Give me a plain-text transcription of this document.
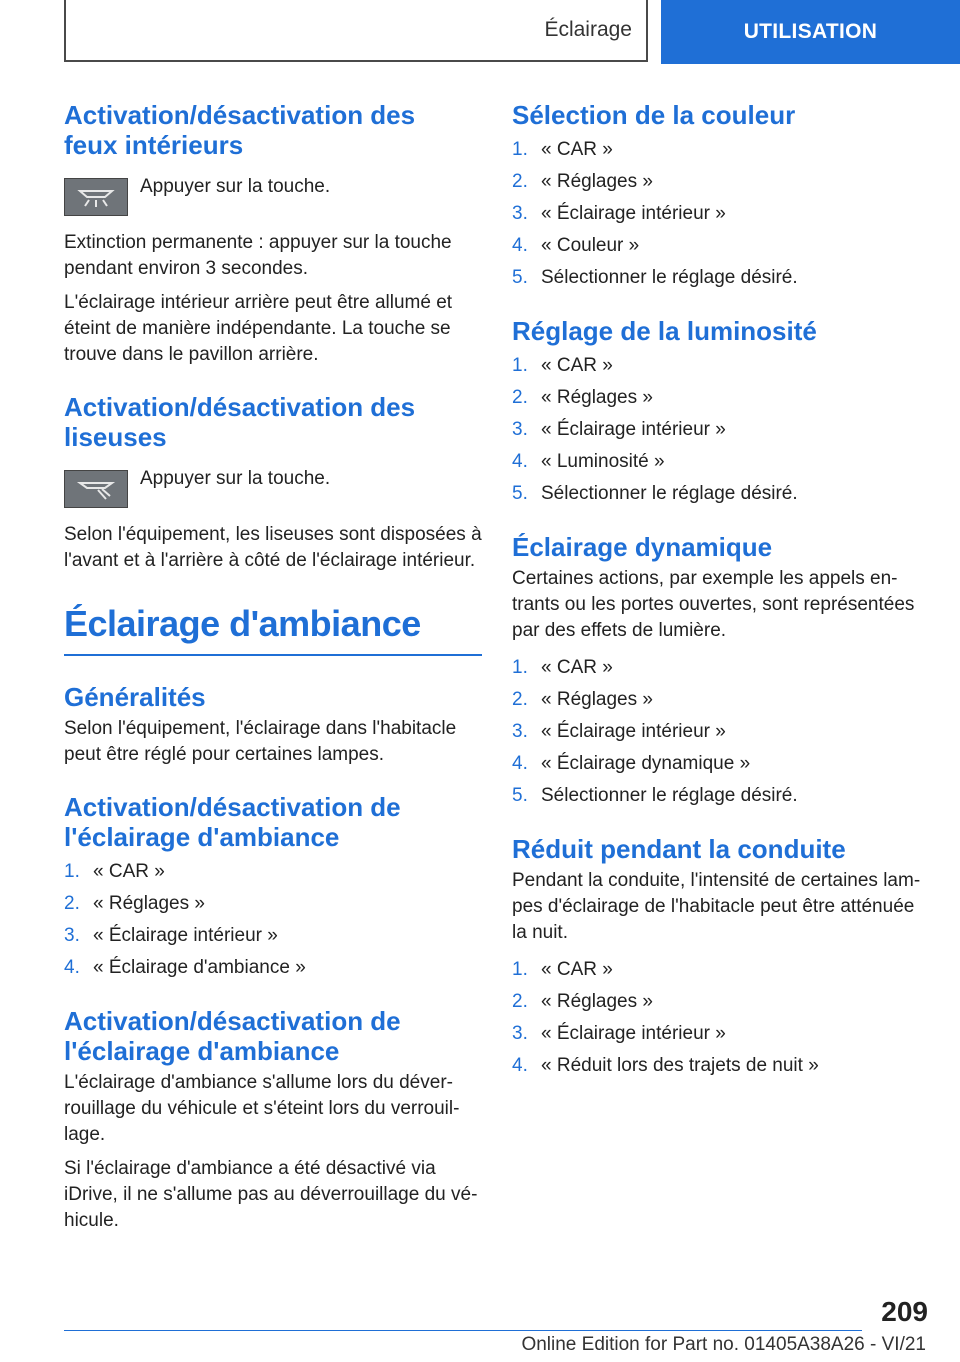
Éclairage	UTILISATION
Activation/désactivation des
feux intérieurs

Appuyer sur la touche.

Extinction permanente : appuyer sur la touche pendant environ 3 secondes.

L'éclairage intérieur arrière peut être allumé et éteint de manière indépendante. La touche se trouve dans le pavillon arrière.

Activation/désactivation des
liseuses

Appuyer sur la touche.

Selon l'équipement, les liseuses sont disposées à l'avant et à l'arrière à côté de l'éclairage intérieur.

Éclairage d'ambiance
Généralités

Selon l'équipement, l'éclairage dans l'habitacle peut être réglé pour certaines lampes.

Activation/désactivation de
l'éclairage d'ambiance
1. « CAR »
2. « Réglages »
3. « Éclairage intérieur »
4. « Éclairage d'ambiance »
Activation/désactivation de
l'éclairage d'ambiance

L'éclairage d'ambiance s'allume lors du déverrouillage du véhicule et s'éteint lors du verrouillage.

Si l'éclairage d'ambiance a été désactivé via iDrive, il ne s'allume pas au déverrouillage du véhicule.

Sélection de la couleur
1. « CAR »
2. « Réglages »
3. « Éclairage intérieur »
4. « Couleur »
5. Sélectionner le réglage désiré.
Réglage de la luminosité
1. « CAR »
2. « Réglages »
3. « Éclairage intérieur »
4. « Luminosité »
5. Sélectionner le réglage désiré.
Éclairage dynamique

Certaines actions, par exemple les appels entrants ou les portes ouvertes, sont représentées par des effets de lumière.

1. « CAR »
2. « Réglages »
3. « Éclairage intérieur »
4. « Éclairage dynamique »
5. Sélectionner le réglage désiré.
Réduit pendant la conduite

Pendant la conduite, l'intensité de certaines lampes d'éclairage de l'habitacle peut être atténuée la nuit.

1. « CAR »
2. « Réglages »
3. « Éclairage intérieur »
4. « Réduit lors des trajets de nuit »
209
Online Edition for Part no. 01405A38A26 - VI/21
